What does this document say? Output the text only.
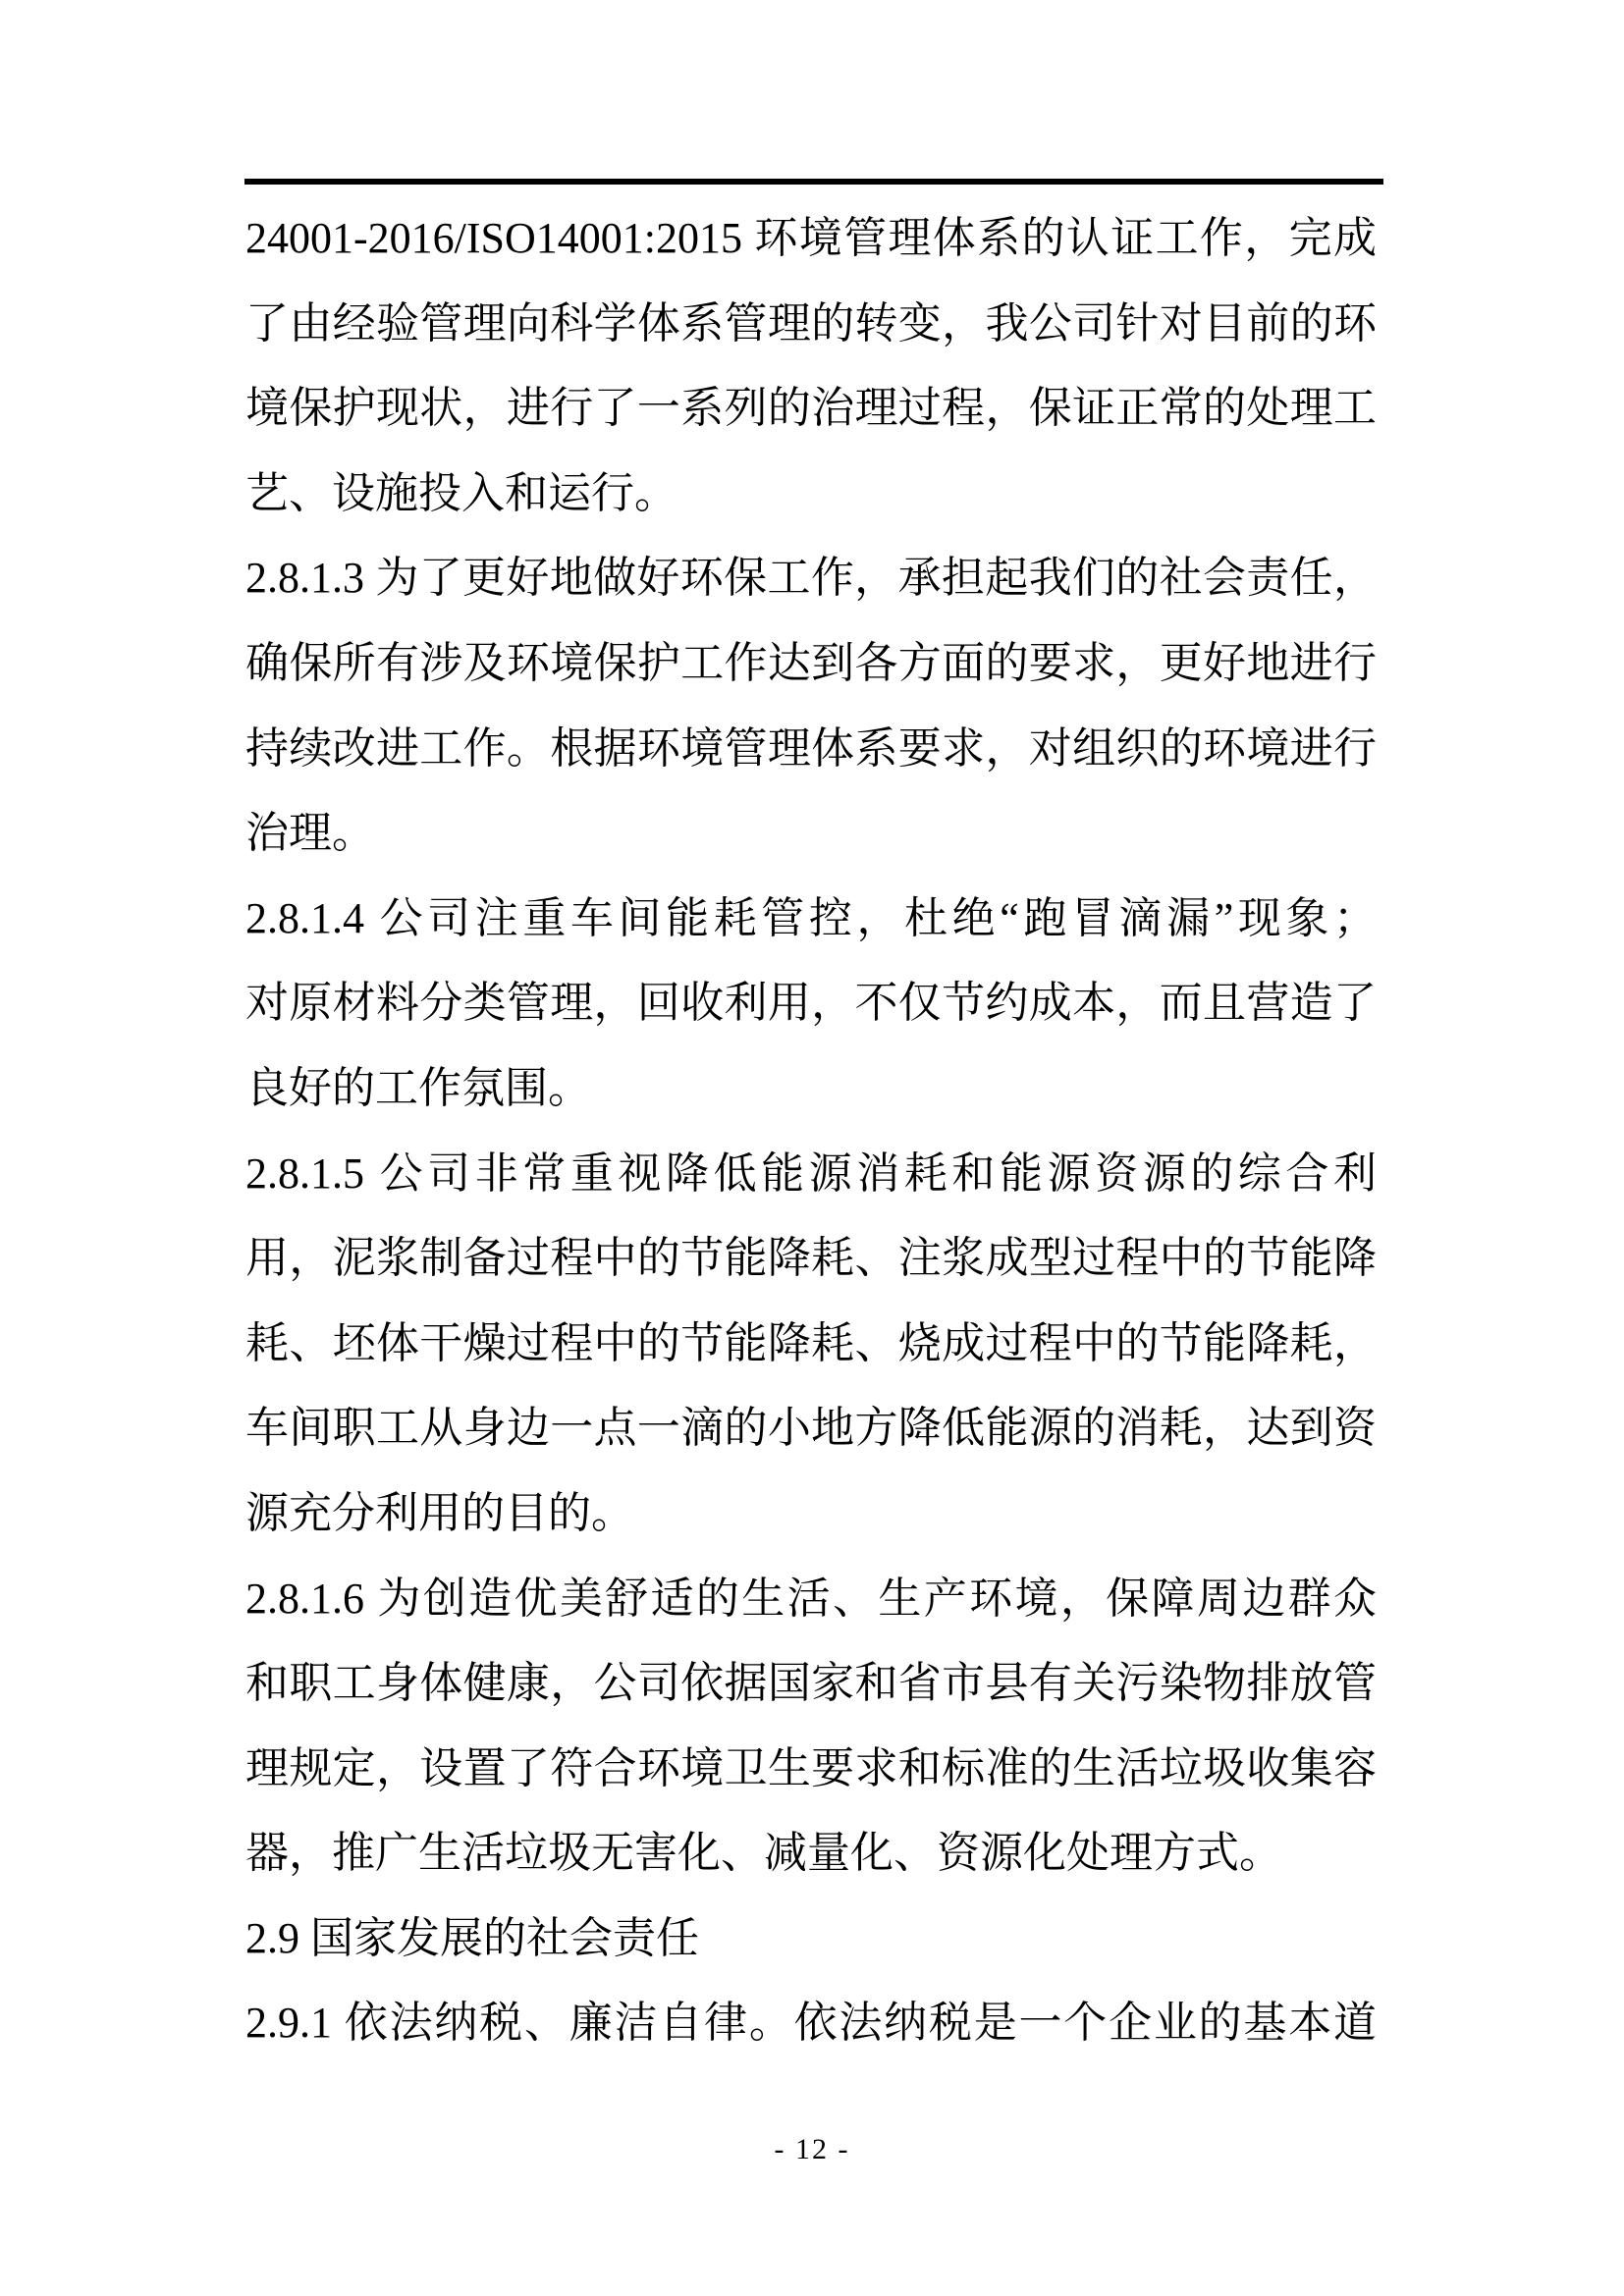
24001-2016/ISO14001:2015 环境管理体系的认证工作，完成
了由经验管理向科学体系管理的转变，我公司针对目前的环
境保护现状，进行了一系列的治理过程，保证正常的处理工
艺、设施投入和运行。
2.8.1.3 为了更好地做好环保工作，承担起我们的社会责任，
确保所有涉及环境保护工作达到各方面的要求，更好地进行
持续改进工作。根据环境管理体系要求，对组织的环境进行
治理。
2.8.1.4 公司注重车间能耗管控，杜绝“跑冒滴漏”现象；
对原材料分类管理，回收利用，不仅节约成本，而且营造了
良好的工作氛围。
2.8.1.5 公司非常重视降低能源消耗和能源资源的综合利
用，泥浆制备过程中的节能降耗、注浆成型过程中的节能降
耗、坯体干燥过程中的节能降耗、烧成过程中的节能降耗，
车间职工从身边一点一滴的小地方降低能源的消耗，达到资
源充分利用的目的。
2.8.1.6 为创造优美舒适的生活、生产环境，保障周边群众
和职工身体健康，公司依据国家和省市县有关污染物排放管
理规定，设置了符合环境卫生要求和标准的生活垃圾收集容
器，推广生活垃圾无害化、减量化、资源化处理方式。
2.9 国家发展的社会责任
2.9.1 依法纳税、廉洁自律。依法纳税是一个企业的基本道
- 12 -
